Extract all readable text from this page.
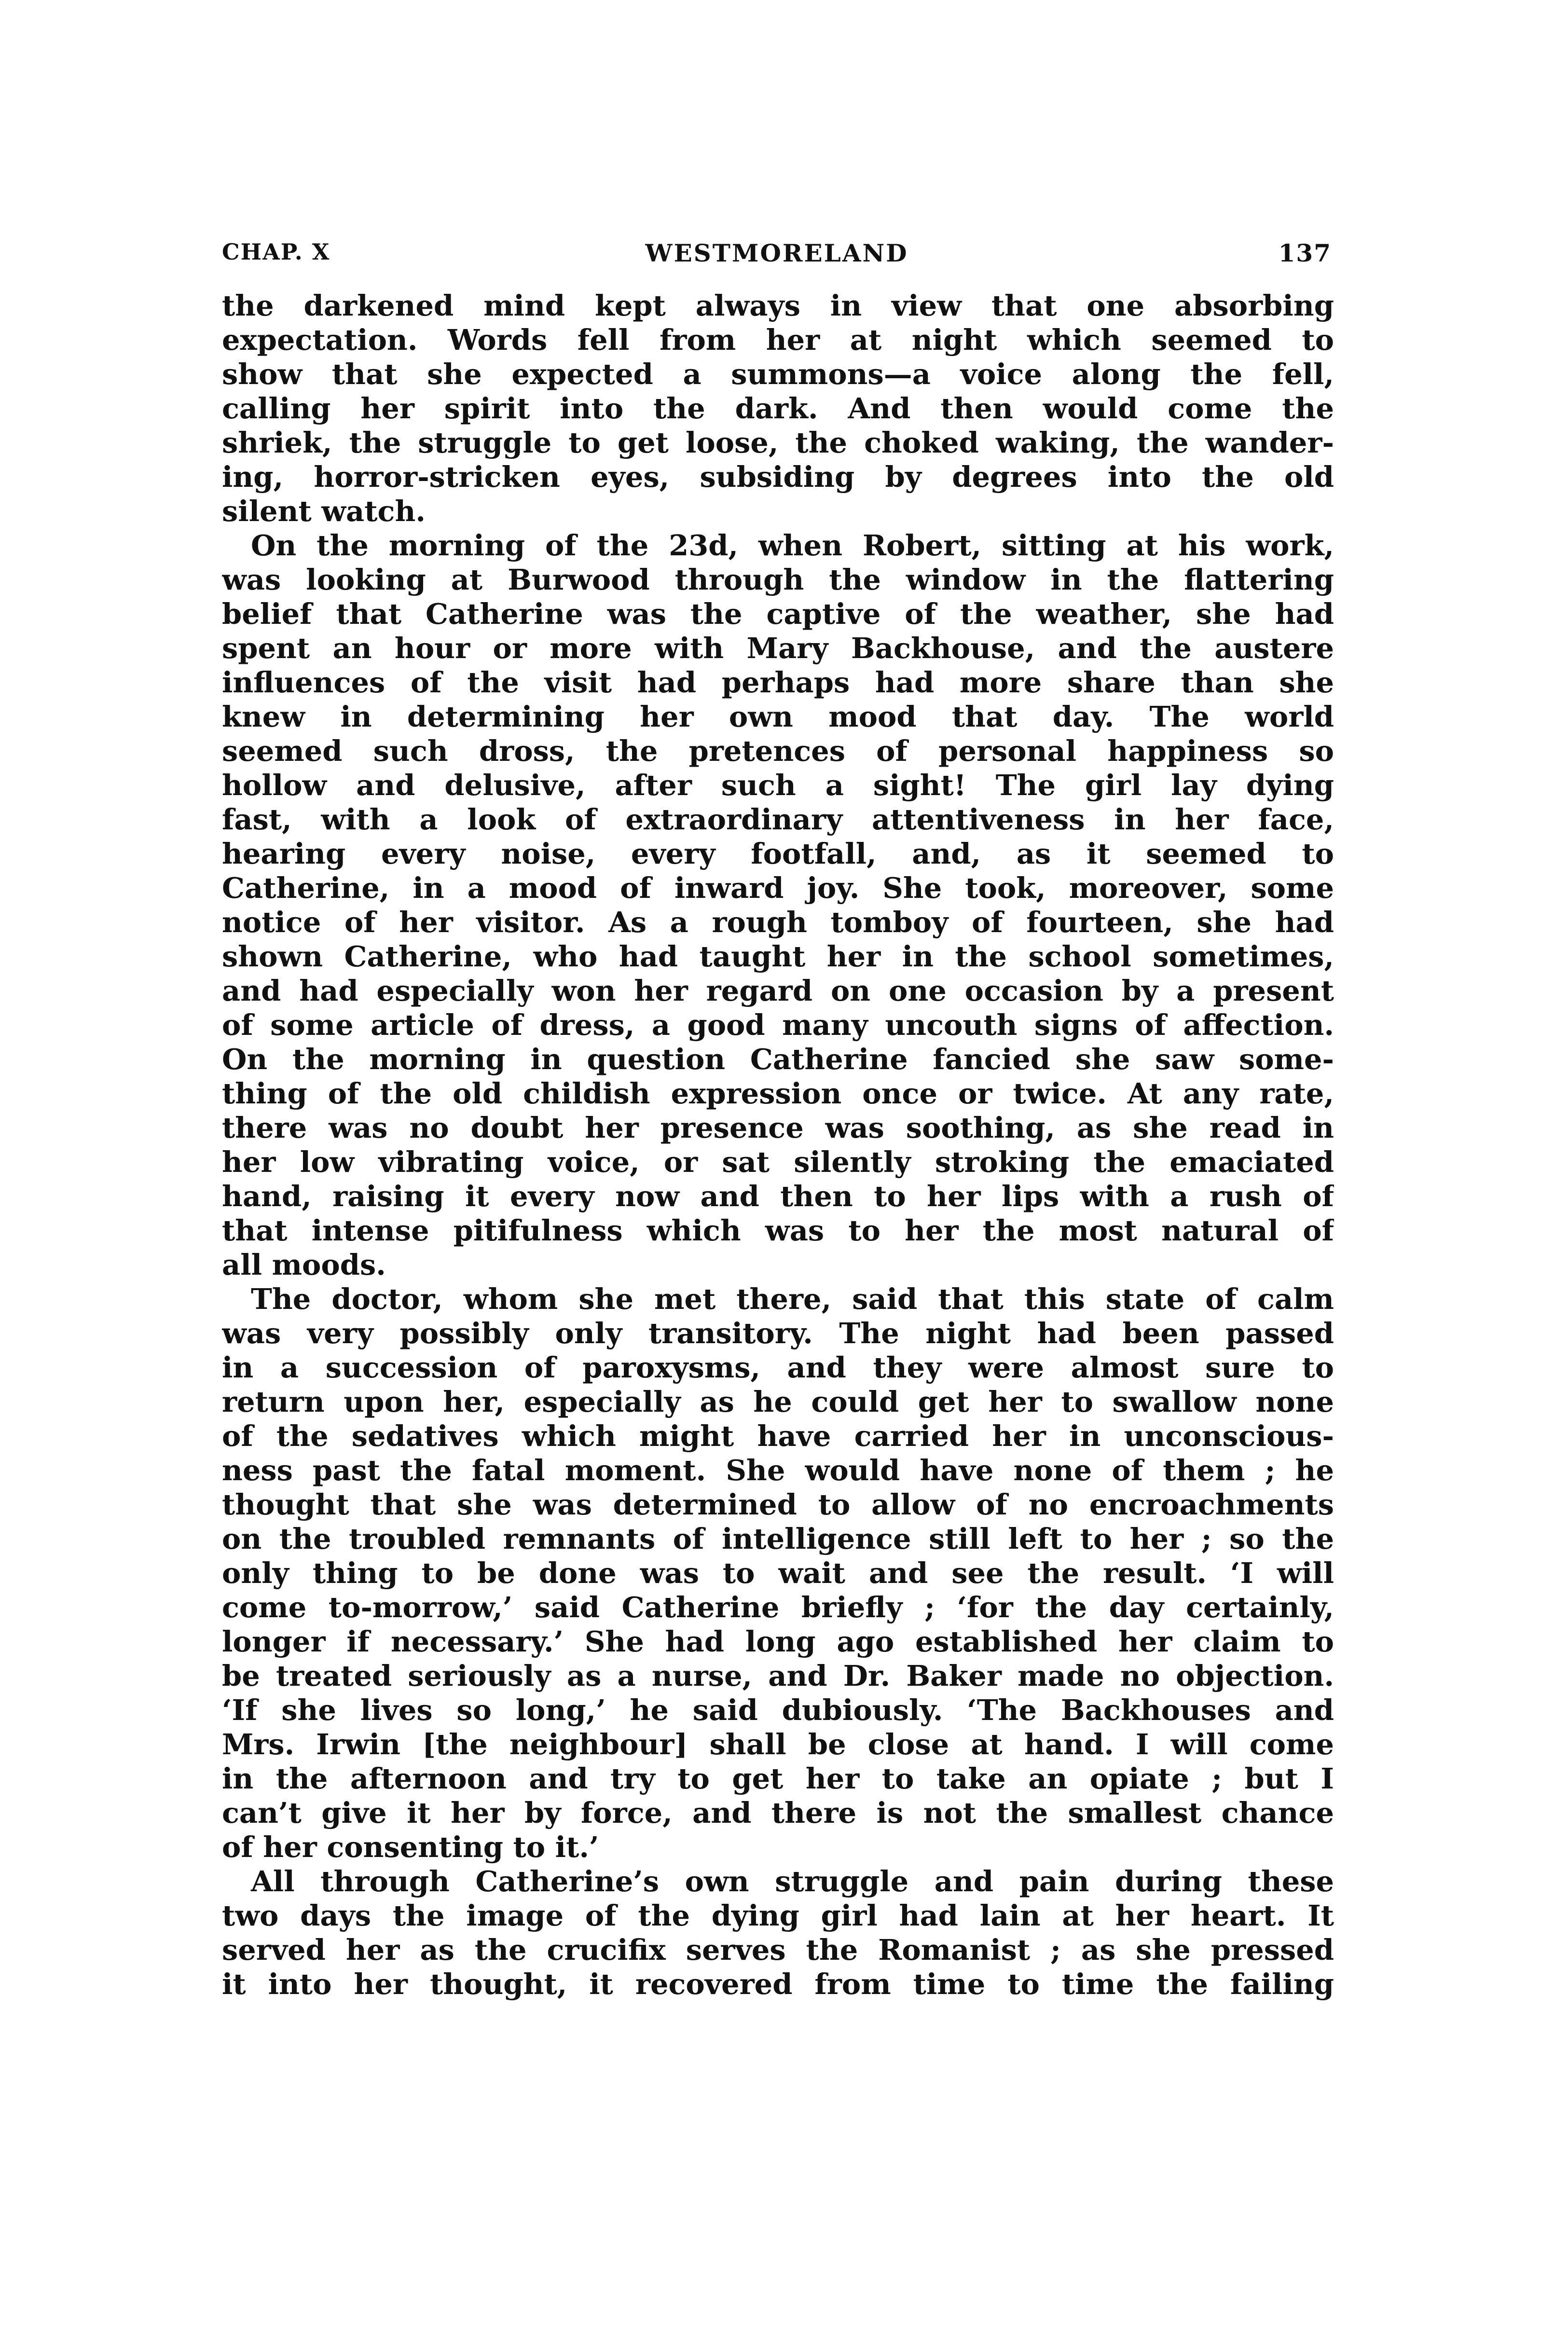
CHAP. X	WESTMORELAND	137
the darkened mind kept always in view that one absorbing
expectation. Words fell from her at night which seemed to
show that she expected a summons—a voice along the fell,
calling her spirit into the dark. And then would come the
shriek, the struggle to get loose, the choked waking, the wander-
ing, horror-stricken eyes, subsiding by degrees into the old
silent watch.
On the morning of the 23d, when Robert, sitting at his work,
was looking at Burwood through the window in the flattering
belief that Catherine was the captive of the weather, she had
spent an hour or more with Mary Backhouse, and the austere
influences of the visit had perhaps had more share than she
knew in determining her own mood that day. The world
seemed such dross, the pretences of personal happiness so
hollow and delusive, after such a sight! The girl lay dying
fast, with a look of extraordinary attentiveness in her face,
hearing every noise, every footfall, and, as it seemed to
Catherine, in a mood of inward joy. She took, moreover, some
notice of her visitor. As a rough tomboy of fourteen, she had
shown Catherine, who had taught her in the school sometimes,
and had especially won her regard on one occasion by a present
of some article of dress, a good many uncouth signs of affection.
On the morning in question Catherine fancied she saw some-
thing of the old childish expression once or twice. At any rate,
there was no doubt her presence was soothing, as she read in
her low vibrating voice, or sat silently stroking the emaciated
hand, raising it every now and then to her lips with a rush of
that intense pitifulness which was to her the most natural of
all moods.
The doctor, whom she met there, said that this state of calm
was very possibly only transitory. The night had been passed
in a succession of paroxysms, and they were almost sure to
return upon her, especially as he could get her to swallow none
of the sedatives which might have carried her in unconscious-
ness past the fatal moment. She would have none of them ; he
thought that she was determined to allow of no encroachments
on the troubled remnants of intelligence still left to her ; so the
only thing to be done was to wait and see the result. ‘I will
come to-morrow,’ said Catherine briefly ; ‘for the day certainly,
longer if necessary.’ She had long ago established her claim to
be treated seriously as a nurse, and Dr. Baker made no objection.
‘If she lives so long,’ he said dubiously. ‘The Backhouses and
Mrs. Irwin [the neighbour] shall be close at hand. I will come
in the afternoon and try to get her to take an opiate ; but I
can’t give it her by force, and there is not the smallest chance
of her consenting to it.’
All through Catherine’s own struggle and pain during these
two days the image of the dying girl had lain at her heart. It
served her as the crucifix serves the Romanist ; as she pressed
it into her thought, it recovered from time to time the failing
